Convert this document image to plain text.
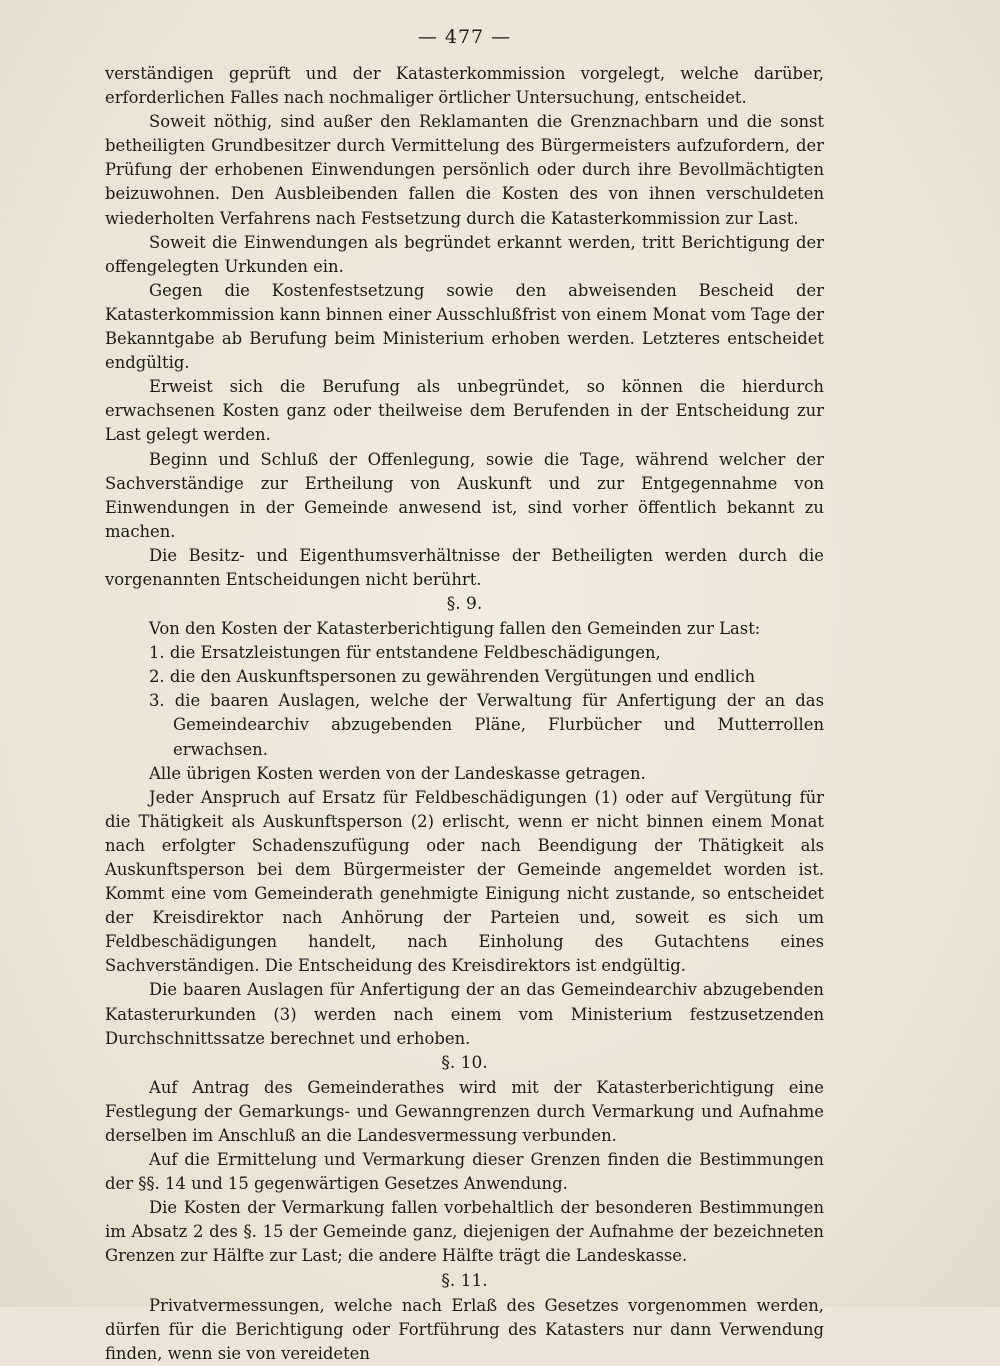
— 477 —

verständigen geprüft und der Katasterkommission vorgelegt, welche darüber, erforderlichen Falles nach nochmaliger örtlicher Untersuchung, entscheidet.

Soweit nöthig, sind außer den Reklamanten die Grenznachbarn und die sonst betheiligten Grundbesitzer durch Vermittelung des Bürgermeisters aufzufordern, der Prüfung der erhobenen Einwendungen persönlich oder durch ihre Bevollmächtigten beizuwohnen. Den Ausbleibenden fallen die Kosten des von ihnen verschuldeten wiederholten Verfahrens nach Festsetzung durch die Katasterkommission zur Last.

Soweit die Einwendungen als begründet erkannt werden, tritt Berichtigung der offengelegten Urkunden ein.

Gegen die Kostenfestsetzung sowie den abweisenden Bescheid der Katasterkommission kann binnen einer Ausschlußfrist von einem Monat vom Tage der Bekanntgabe ab Berufung beim Ministerium erhoben werden. Letzteres entscheidet endgültig.

Erweist sich die Berufung als unbegründet, so können die hierdurch erwachsenen Kosten ganz oder theilweise dem Berufenden in der Entscheidung zur Last gelegt werden.

Beginn und Schluß der Offenlegung, sowie die Tage, während welcher der Sachverständige zur Ertheilung von Auskunft und zur Entgegennahme von Einwendungen in der Gemeinde anwesend ist, sind vorher öffentlich bekannt zu machen.

Die Besitz- und Eigenthumsverhältnisse der Betheiligten werden durch die vorgenannten Entscheidungen nicht berührt.

§. 9.

Von den Kosten der Katasterberichtigung fallen den Gemeinden zur Last:

1. die Ersatzleistungen für entstandene Feldbeschädigungen,

2. die den Auskunftspersonen zu gewährenden Vergütungen und endlich

3. die baaren Auslagen, welche der Verwaltung für Anfertigung der an das Gemeindearchiv abzugebenden Pläne, Flurbücher und Mutterrollen erwachsen.

Alle übrigen Kosten werden von der Landeskasse getragen.

Jeder Anspruch auf Ersatz für Feldbeschädigungen (1) oder auf Vergütung für die Thätigkeit als Auskunftsperson (2) erlischt, wenn er nicht binnen einem Monat nach erfolgter Schadenszufügung oder nach Beendigung der Thätigkeit als Auskunftsperson bei dem Bürgermeister der Gemeinde angemeldet worden ist. Kommt eine vom Gemeinderath genehmigte Einigung nicht zustande, so entscheidet der Kreisdirektor nach Anhörung der Parteien und, soweit es sich um Feldbeschädigungen handelt, nach Einholung des Gutachtens eines Sachverständigen. Die Entscheidung des Kreisdirektors ist endgültig.

Die baaren Auslagen für Anfertigung der an das Gemeindearchiv abzugebenden Katasterurkunden (3) werden nach einem vom Ministerium festzusetzenden Durchschnittssatze berechnet und erhoben.

§. 10.

Auf Antrag des Gemeinderathes wird mit der Katasterberichtigung eine Festlegung der Gemarkungs- und Gewanngrenzen durch Vermarkung und Aufnahme derselben im Anschluß an die Landesvermessung verbunden.

Auf die Ermittelung und Vermarkung dieser Grenzen finden die Bestimmungen der §§. 14 und 15 gegenwärtigen Gesetzes Anwendung.

Die Kosten der Vermarkung fallen vorbehaltlich der besonderen Bestimmungen im Absatz 2 des §. 15 der Gemeinde ganz, diejenigen der Aufnahme der bezeichneten Grenzen zur Hälfte zur Last; die andere Hälfte trägt die Landeskasse.

§. 11.

Privatvermessungen, welche nach Erlaß des Gesetzes vorgenommen werden, dürfen für die Berichtigung oder Fortführung des Katasters nur dann Verwendung finden, wenn sie von vereideten
